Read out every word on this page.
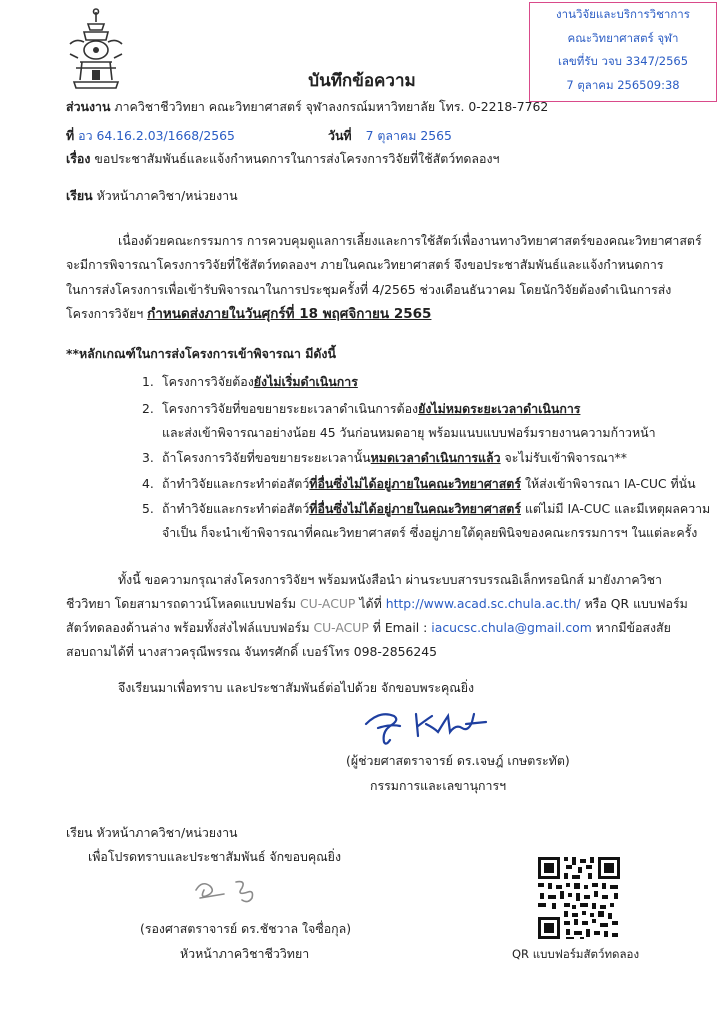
งานวิจัยและบริการวิชาการ
คณะวิทยาศาสตร์ จุฬา
เลขที่รับ วจบ 3347/2565
7 ตุลาคม 256509:38
บันทึกข้อความ
ส่วนงาน ภาควิชาชีววิทยา คณะวิทยาศาสตร์ จุฬาลงกรณ์มหาวิทยาลัย โทร. 0-2218-7762
ที่ อว 64.16.2.03/1668/2565	วันที่ 7 ตุลาคม 2565
เรื่อง ขอประชาสัมพันธ์และแจ้งกำหนดการในการส่งโครงการวิจัยที่ใช้สัตว์ทดลองฯ
เรียน หัวหน้าภาควิชา/หน่วยงาน
เนื่องด้วยคณะกรรมการ การควบคุมดูแลการเลี้ยงและการใช้สัตว์เพื่องานทางวิทยาศาสตร์ของคณะวิทยาศาสตร์
จะมีการพิจารณาโครงการวิจัยที่ใช้สัตว์ทดลองฯ ภายในคณะวิทยาศาสตร์ จึงขอประชาสัมพันธ์และแจ้งกำหนดการ
ในการส่งโครงการเพื่อเข้ารับพิจารณาในการประชุมครั้งที่ 4/2565 ช่วงเดือนธันวาคม โดยนักวิจัยต้องดำเนินการส่ง
โครงการวิจัยฯ กำหนดส่งภายในวันศุกร์ที่ 18 พฤศจิกายน 2565
**หลักเกณฑ์ในการส่งโครงการเข้าพิจารณา มีดังนี้
1. โครงการวิจัยต้องยังไม่เริ่มดำเนินการ
2. โครงการวิจัยที่ขอขยายระยะเวลาดำเนินการต้องยังไม่หมดระยะเวลาดำเนินการ
และส่งเข้าพิจารณาอย่างน้อย 45 วันก่อนหมดอายุ พร้อมแนบแบบฟอร์มรายงานความก้าวหน้า
3. ถ้าโครงการวิจัยที่ขอขยายระยะเวลานั้นหมดเวลาดำเนินการแล้ว จะไม่รับเข้าพิจารณา**
4. ถ้าทำวิจัยและกระทำต่อสัตว์ที่อื่นซึ่งไม่ได้อยู่ภายในคณะวิทยาศาสตร์ ให้ส่งเข้าพิจารณา IA-CUC ที่นั่น
5. ถ้าทำวิจัยและกระทำต่อสัตว์ที่อื่นซึ่งไม่ได้อยู่ภายในคณะวิทยาศาสตร์ แต่ไม่มี IA-CUC และมีเหตุผลความ
จำเป็น ก็จะนำเข้าพิจารณาที่คณะวิทยาศาสตร์ ซึ่งอยู่ภายใต้ดุลยพินิจของคณะกรรมการฯ ในแต่ละครั้ง
ทั้งนี้ ขอความกรุณาส่งโครงการวิจัยฯ พร้อมหนังสือนำ ผ่านระบบสารบรรณอิเล็กทรอนิกส์ มายังภาควิชา
ชีววิทยา โดยสามารถดาวน์โหลดแบบฟอร์ม CU-ACUP ได้ที่ http://www.acad.sc.chula.ac.th/ หรือ QR แบบฟอร์ม
สัตว์ทดลองด้านล่าง พร้อมทั้งส่งไฟล์แบบฟอร์ม CU-ACUP ที่ Email : iacucsc.chula@gmail.com หากมีข้อสงสัย
สอบถามได้ที่ นางสาวครุณีพรรณ จันทรศักดิ์ เบอร์โทร 098-2856245
จึงเรียนมาเพื่อทราบ และประชาสัมพันธ์ต่อไปด้วย จักขอบพระคุณยิ่ง
(ผู้ช่วยศาสตราจารย์ ดร.เจษฎ์ เกษตระทัต)
กรรมการและเลขานุการฯ
เรียน หัวหน้าภาควิชา/หน่วยงาน
เพื่อโปรดทราบและประชาสัมพันธ์ จักขอบคุณยิ่ง
(รองศาสตราจารย์ ดร.ชัชวาล ใจซื่อกุล)
หัวหน้าภาควิชาชีววิทยา	QR แบบฟอร์มสัตว์ทดลอง
